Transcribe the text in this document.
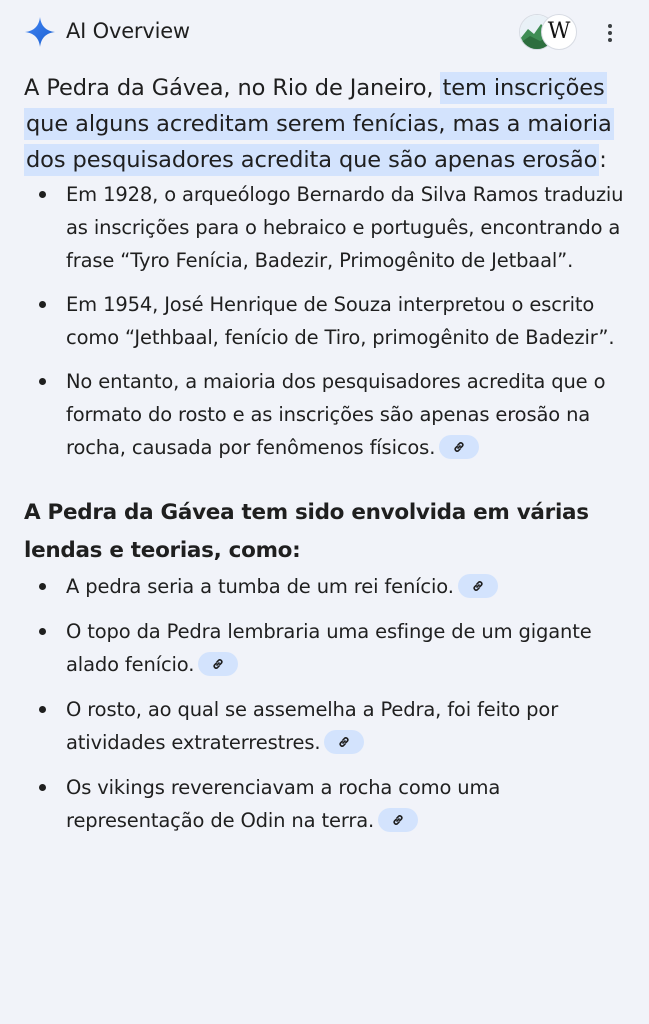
AI Overview	W

A Pedra da Gávea, no Rio de Janeiro, tem inscrições que alguns acreditam serem fenícias, mas a maioria dos pesquisadores acredita que são apenas erosão:

Em 1928, o arqueólogo Bernardo da Silva Ramos traduziu as inscrições para o hebraico e português, encontrando a frase “Tyro Fenícia, Badezir, Primogênito de Jetbaal”.
Em 1954, José Henrique de Souza interpretou o escrito como “Jethbaal, fenício de Tiro, primogênito de Badezir”.
No entanto, a maioria dos pesquisadores acredita que o formato do rosto e as inscrições são apenas erosão na rocha, causada por fenômenos físicos.
A Pedra da Gávea tem sido envolvida em várias lendas e teorias, como:
A pedra seria a tumba de um rei fenício.
O topo da Pedra lembraria uma esfinge de um gigante alado fenício.
O rosto, ao qual se assemelha a Pedra, foi feito por atividades extraterrestres.
Os vikings reverenciavam a rocha como uma representação de Odin na terra.
